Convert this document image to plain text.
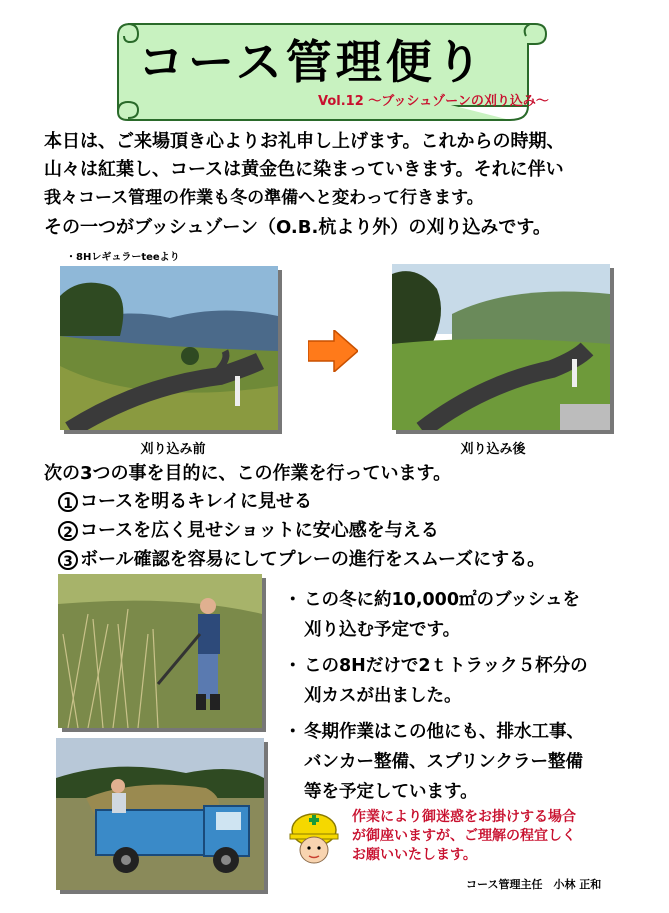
コース管理便り
Vol.12 ～ブッシュゾーンの刈り込み～
本日は、ご来場頂き心よりお礼申し上げます。これからの時期、
山々は紅葉し、コースは黄金色に染まっていきます。それに伴い
我々コース管理の作業も冬の準備へと変わって行きます。
その一つがブッシュゾーン（O.B.杭より外）の刈り込みです。
・8Hレギュラーteeより
刈り込み前	刈り込み後
次の3つの事を目的に、この作業を行っています。
1 コースを明るキレイに見せる
2 コースを広く見せショットに安心感を与える
3 ボール確認を容易にしてプレーの進行をスムーズにする。
・ この冬に約10,000㎡のブッシュを
刈り込む予定です。
・ この8Hだけで2ｔトラック５杯分の
刈カスが出ました。
・ 冬期作業はこの他にも、排水工事、
バンカー整備、スプリンクラー整備
等を予定しています。
作業により御迷惑をお掛けする場合
が御座いますが、ご理解の程宜しく
お願いいたします。
コース管理主任　小林 正和
